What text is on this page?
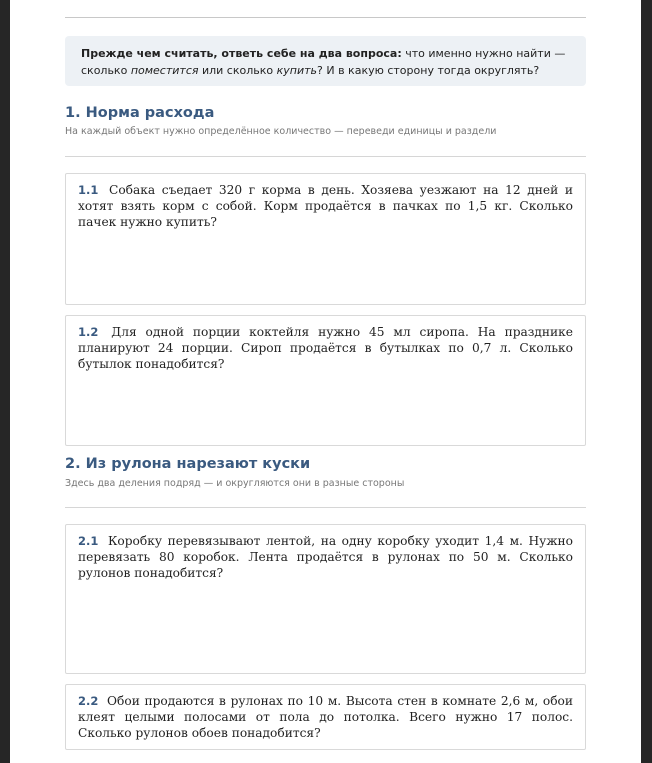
Прежде чем считать, ответь себе на два вопроса: что именно нужно найти — сколько поместится или сколько купить? И в какую сторону тогда округлять?
1. Норма расхода
На каждый объект нужно определённое количество — переведи единицы и раздели
1.1 Собака съедает 320 г корма в день. Хозяева уезжают на 12 дней и хотят взять корм с собой. Корм продаётся в пачках по 1,5 кг. Сколько пачек нужно купить?
1.2 Для одной порции коктейля нужно 45 мл сиропа. На празднике планируют 24 порции. Сироп продаётся в бутылках по 0,7 л. Сколько бутылок понадобится?
2. Из рулона нарезают куски
Здесь два деления подряд — и округляются они в разные стороны
2.1 Коробку перевязывают лентой, на одну коробку уходит 1,4 м. Нужно перевязать 80 коробок. Лента продаётся в рулонах по 50 м. Сколько рулонов понадобится?
2.2 Обои продаются в рулонах по 10 м. Высота стен в комнате 2,6 м, обои клеят целыми полосами от пола до потолка. Всего нужно 17 полос. Сколько рулонов обоев понадобится?
